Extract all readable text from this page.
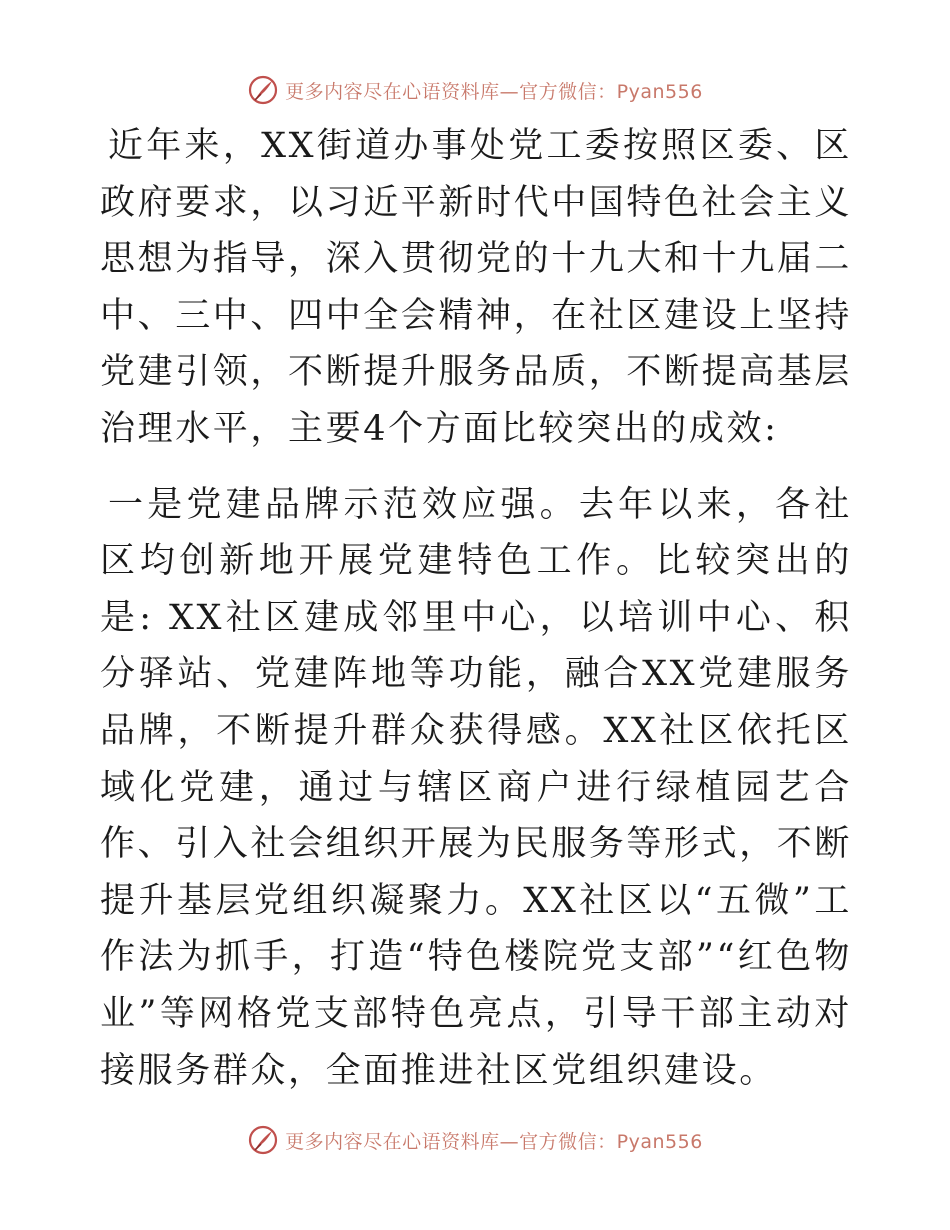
更多内容尽在心语资料库—官方微信：Pyan556

近年来，XX街道办事处党工委按照区委、区政府要求，以习近平新时代中国特色社会主义思想为指导，深入贯彻党的十九大和十九届二中、三中、四中全会精神，在社区建设上坚持党建引领，不断提升服务品质，不断提高基层治理水平，主要4个方面比较突出的成效:

一是党建品牌示范效应强。去年以来，各社区均创新地开展党建特色工作。比较突出的是: XX社区建成邻里中心，以培训中心、积分驿站、党建阵地等功能，融合XX党建服务品牌，不断提升群众获得感。XX社区依托区域化党建，通过与辖区商户进行绿植园艺合作、引入社会组织开展为民服务等形式，不断提升基层党组织凝聚力。XX社区以“五微”工作法为抓手，打造“特色楼院党支部”“红色物业”等网格党支部特色亮点，引导干部主动对接服务群众，全面推进社区党组织建设。

更多内容尽在心语资料库—官方微信：Pyan556
